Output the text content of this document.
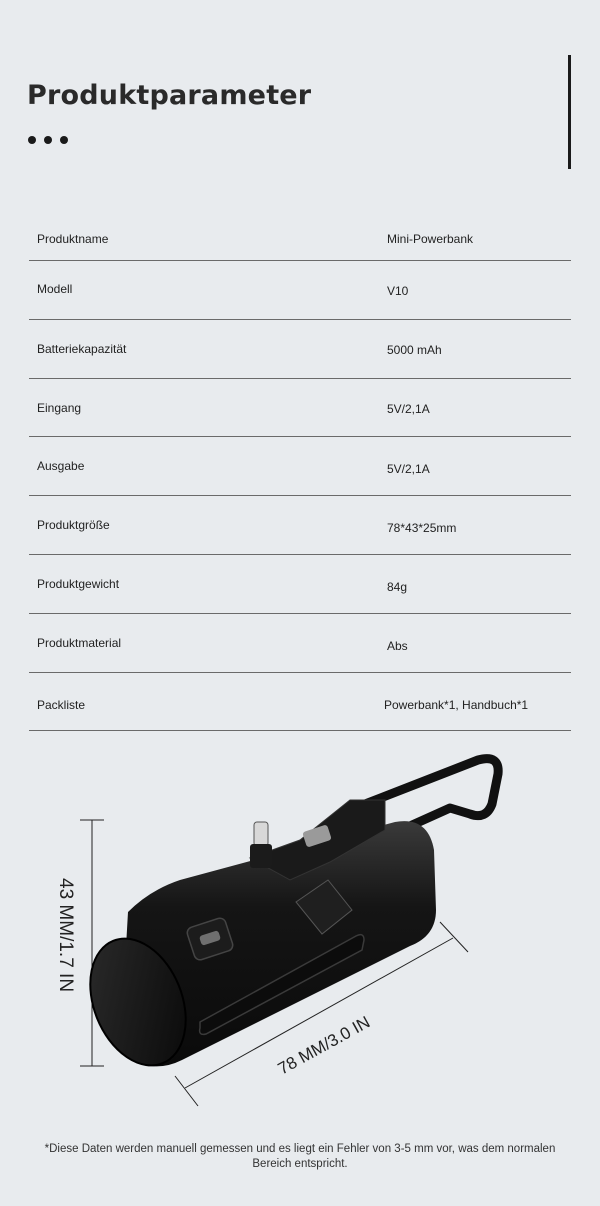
Produktparameter
Produktname	Mini-Powerbank
Modell	V10
Batteriekapazität	5000 mAh
Eingang	5V/2,1A
Ausgabe	5V/2,1A
Produktgröße	78*43*25mm
Produktgewicht	84g
Produktmaterial	Abs
Packliste	Powerbank*1, Handbuch*1
43 MM/1.7 IN
78 MM/3.0 IN
*Diese Daten werden manuell gemessen und es liegt ein Fehler von 3-5 mm vor, was dem normalen Bereich entspricht.
